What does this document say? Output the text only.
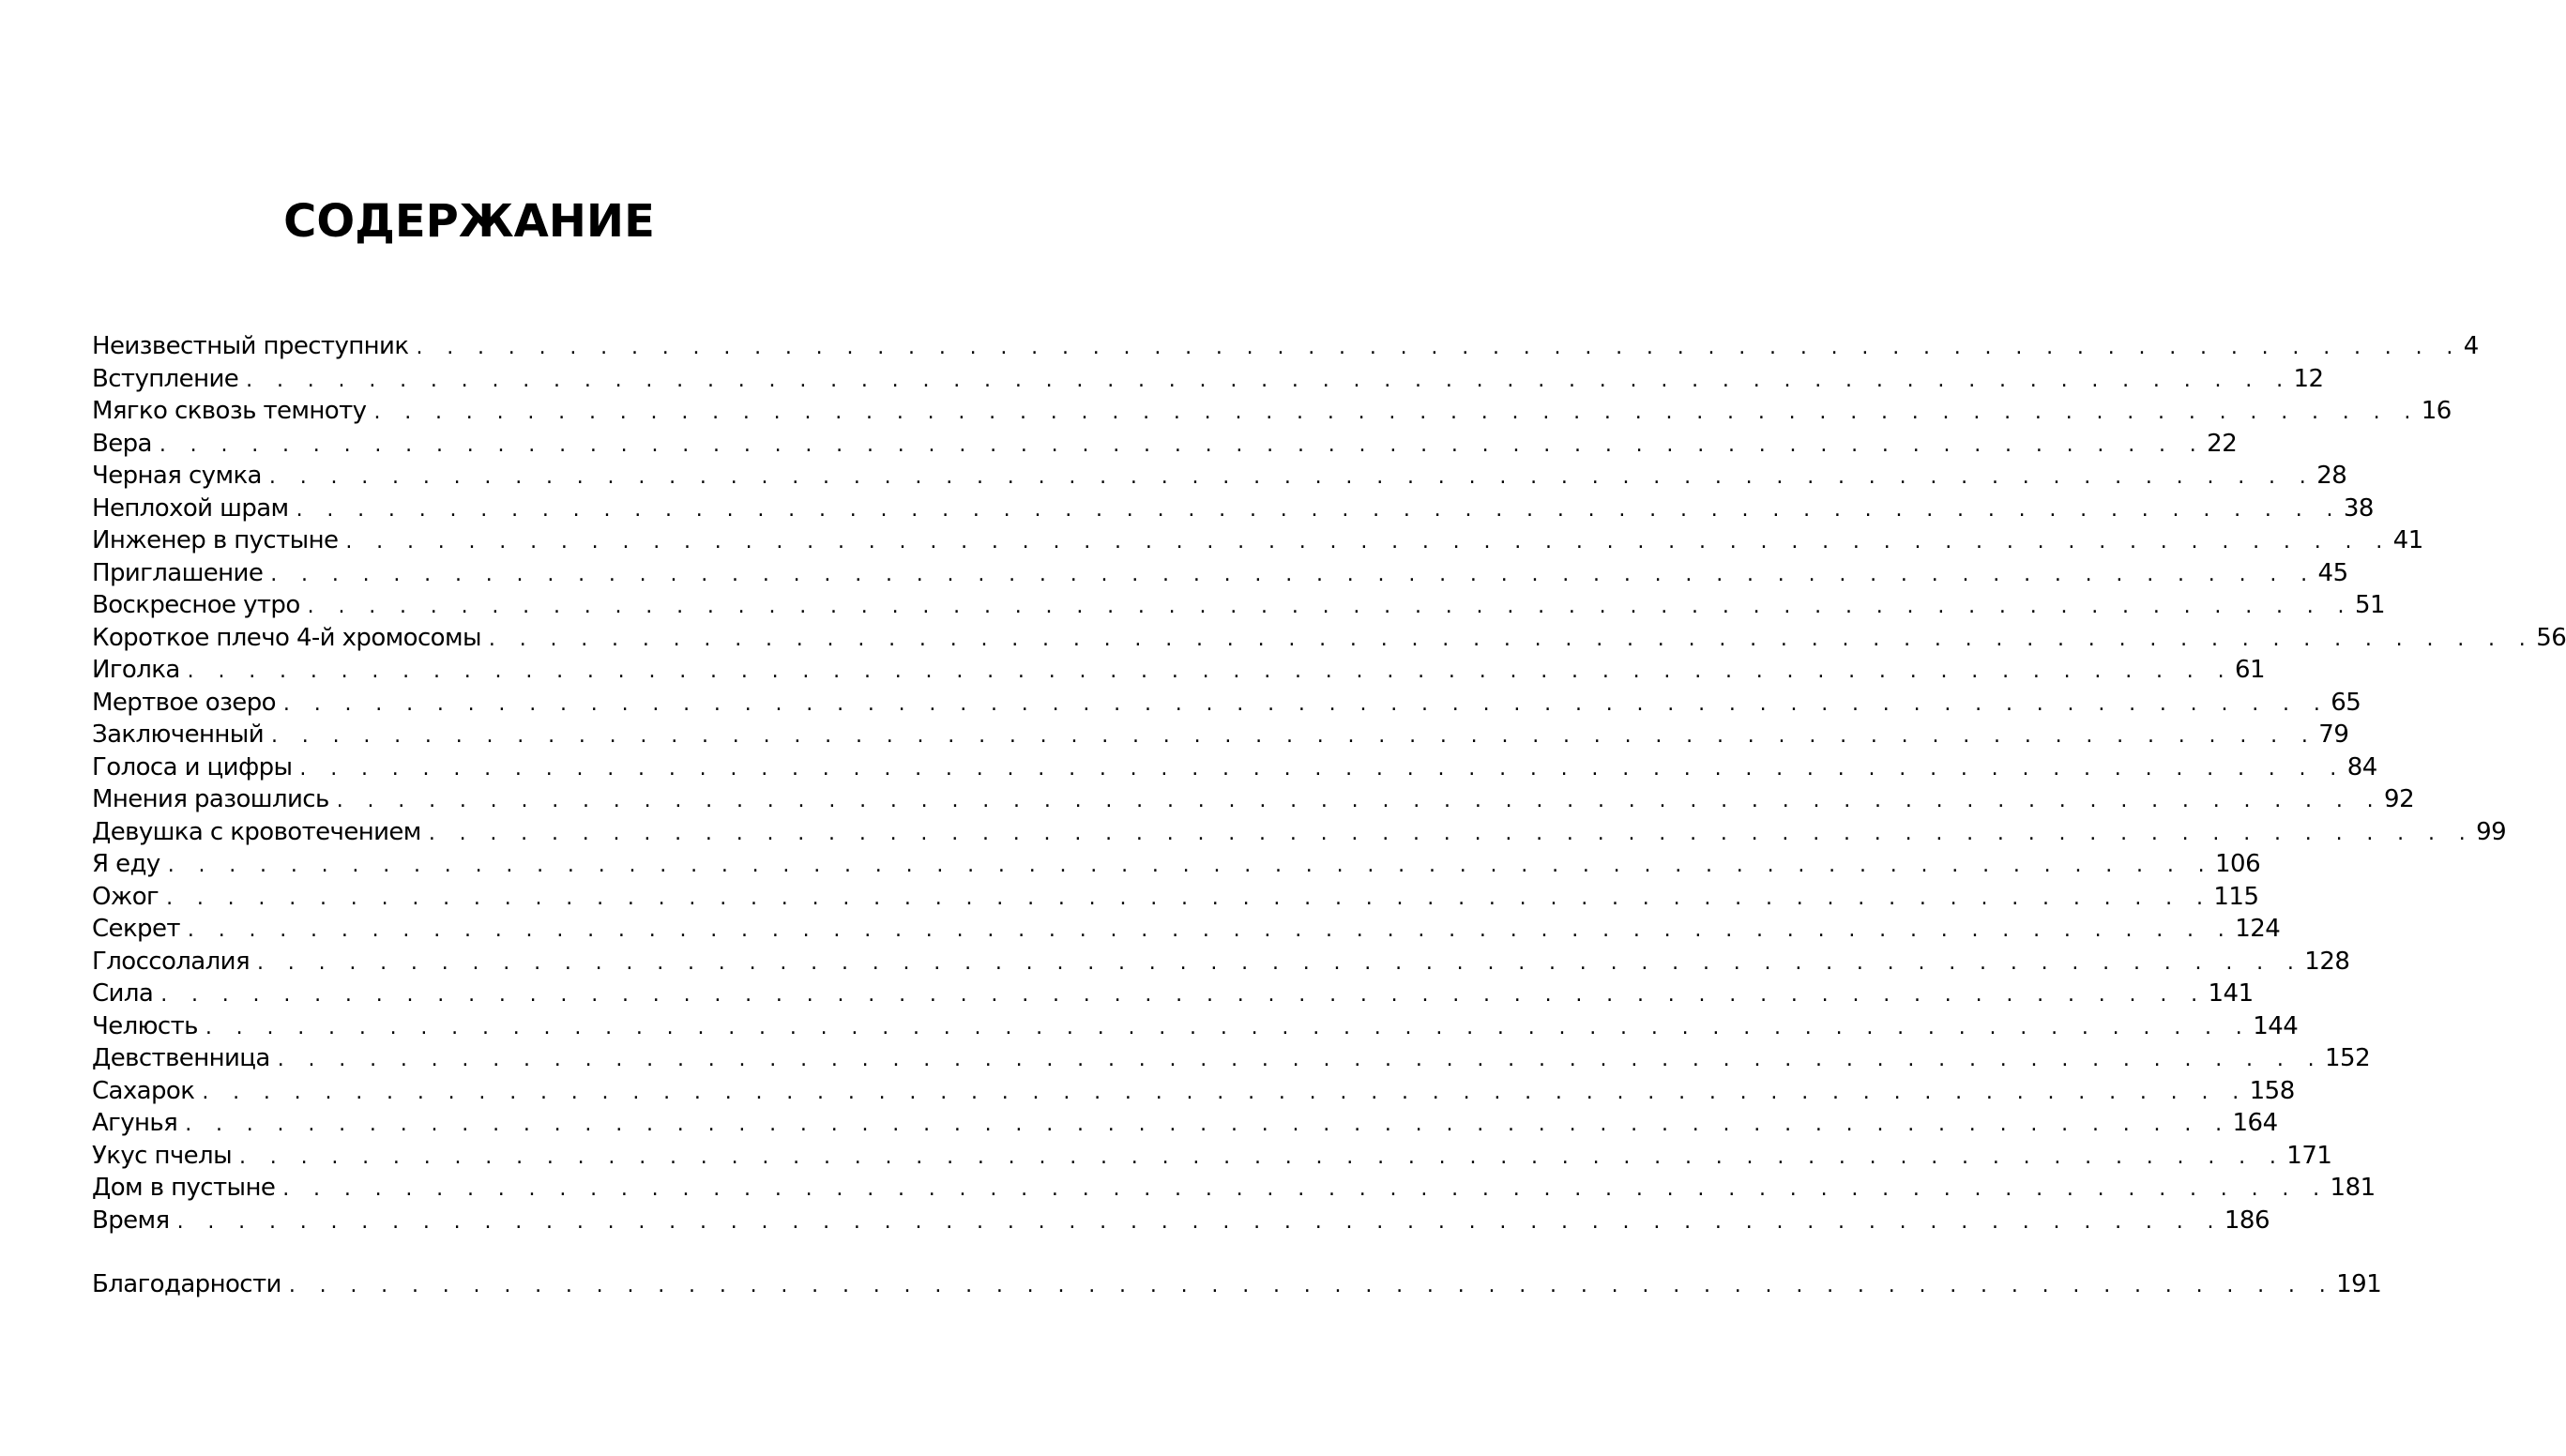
СОДЕРЖАНИЕ
Неизвестный преступник . . . . . . . . . . . . . . . . . . . . . . . . . . . . . . . . . . . . . . . . . . . . . . . . . . . . . . . . . . . . . . . . . . . 4
Вступление . . . . . . . . . . . . . . . . . . . . . . . . . . . . . . . . . . . . . . . . . . . . . . . . . . . . . . . . . . . . . . . . . . . 12
Мягко сквозь темноту . . . . . . . . . . . . . . . . . . . . . . . . . . . . . . . . . . . . . . . . . . . . . . . . . . . . . . . . . . . . . . . . . . . 16
Вера . . . . . . . . . . . . . . . . . . . . . . . . . . . . . . . . . . . . . . . . . . . . . . . . . . . . . . . . . . . . . . . . . . . 22
Черная сумка . . . . . . . . . . . . . . . . . . . . . . . . . . . . . . . . . . . . . . . . . . . . . . . . . . . . . . . . . . . . . . . . . . . 28
Неплохой шрам . . . . . . . . . . . . . . . . . . . . . . . . . . . . . . . . . . . . . . . . . . . . . . . . . . . . . . . . . . . . . . . . . . . 38
Инженер в пустыне . . . . . . . . . . . . . . . . . . . . . . . . . . . . . . . . . . . . . . . . . . . . . . . . . . . . . . . . . . . . . . . . . . . 41
Приглашение . . . . . . . . . . . . . . . . . . . . . . . . . . . . . . . . . . . . . . . . . . . . . . . . . . . . . . . . . . . . . . . . . . . 45
Воскресное утро . . . . . . . . . . . . . . . . . . . . . . . . . . . . . . . . . . . . . . . . . . . . . . . . . . . . . . . . . . . . . . . . . . . 51
Короткое плечо 4-й хромосомы . . . . . . . . . . . . . . . . . . . . . . . . . . . . . . . . . . . . . . . . . . . . . . . . . . . . . . . . . . . . . . . . . . . 56
Иголка . . . . . . . . . . . . . . . . . . . . . . . . . . . . . . . . . . . . . . . . . . . . . . . . . . . . . . . . . . . . . . . . . . . 61
Мертвое озеро . . . . . . . . . . . . . . . . . . . . . . . . . . . . . . . . . . . . . . . . . . . . . . . . . . . . . . . . . . . . . . . . . . . 65
Заключенный . . . . . . . . . . . . . . . . . . . . . . . . . . . . . . . . . . . . . . . . . . . . . . . . . . . . . . . . . . . . . . . . . . . 79
Голоса и цифры . . . . . . . . . . . . . . . . . . . . . . . . . . . . . . . . . . . . . . . . . . . . . . . . . . . . . . . . . . . . . . . . . . . 84
Мнения разошлись . . . . . . . . . . . . . . . . . . . . . . . . . . . . . . . . . . . . . . . . . . . . . . . . . . . . . . . . . . . . . . . . . . . 92
Девушка с кровотечением . . . . . . . . . . . . . . . . . . . . . . . . . . . . . . . . . . . . . . . . . . . . . . . . . . . . . . . . . . . . . . . . . . . 99
Я еду . . . . . . . . . . . . . . . . . . . . . . . . . . . . . . . . . . . . . . . . . . . . . . . . . . . . . . . . . . . . . . . . . . . 106
Ожог . . . . . . . . . . . . . . . . . . . . . . . . . . . . . . . . . . . . . . . . . . . . . . . . . . . . . . . . . . . . . . . . . . . 115
Секрет . . . . . . . . . . . . . . . . . . . . . . . . . . . . . . . . . . . . . . . . . . . . . . . . . . . . . . . . . . . . . . . . . . . 124
Глоссолалия . . . . . . . . . . . . . . . . . . . . . . . . . . . . . . . . . . . . . . . . . . . . . . . . . . . . . . . . . . . . . . . . . . . 128
Сила . . . . . . . . . . . . . . . . . . . . . . . . . . . . . . . . . . . . . . . . . . . . . . . . . . . . . . . . . . . . . . . . . . . 141
Челюсть . . . . . . . . . . . . . . . . . . . . . . . . . . . . . . . . . . . . . . . . . . . . . . . . . . . . . . . . . . . . . . . . . . . 144
Девственница . . . . . . . . . . . . . . . . . . . . . . . . . . . . . . . . . . . . . . . . . . . . . . . . . . . . . . . . . . . . . . . . . . . 152
Сахарок . . . . . . . . . . . . . . . . . . . . . . . . . . . . . . . . . . . . . . . . . . . . . . . . . . . . . . . . . . . . . . . . . . . 158
Агунья . . . . . . . . . . . . . . . . . . . . . . . . . . . . . . . . . . . . . . . . . . . . . . . . . . . . . . . . . . . . . . . . . . . 164
Укус пчелы . . . . . . . . . . . . . . . . . . . . . . . . . . . . . . . . . . . . . . . . . . . . . . . . . . . . . . . . . . . . . . . . . . . 171
Дом в пустыне . . . . . . . . . . . . . . . . . . . . . . . . . . . . . . . . . . . . . . . . . . . . . . . . . . . . . . . . . . . . . . . . . . . 181
Время . . . . . . . . . . . . . . . . . . . . . . . . . . . . . . . . . . . . . . . . . . . . . . . . . . . . . . . . . . . . . . . . . . . 186
Благодарности . . . . . . . . . . . . . . . . . . . . . . . . . . . . . . . . . . . . . . . . . . . . . . . . . . . . . . . . . . . . . . . . . . . 191
